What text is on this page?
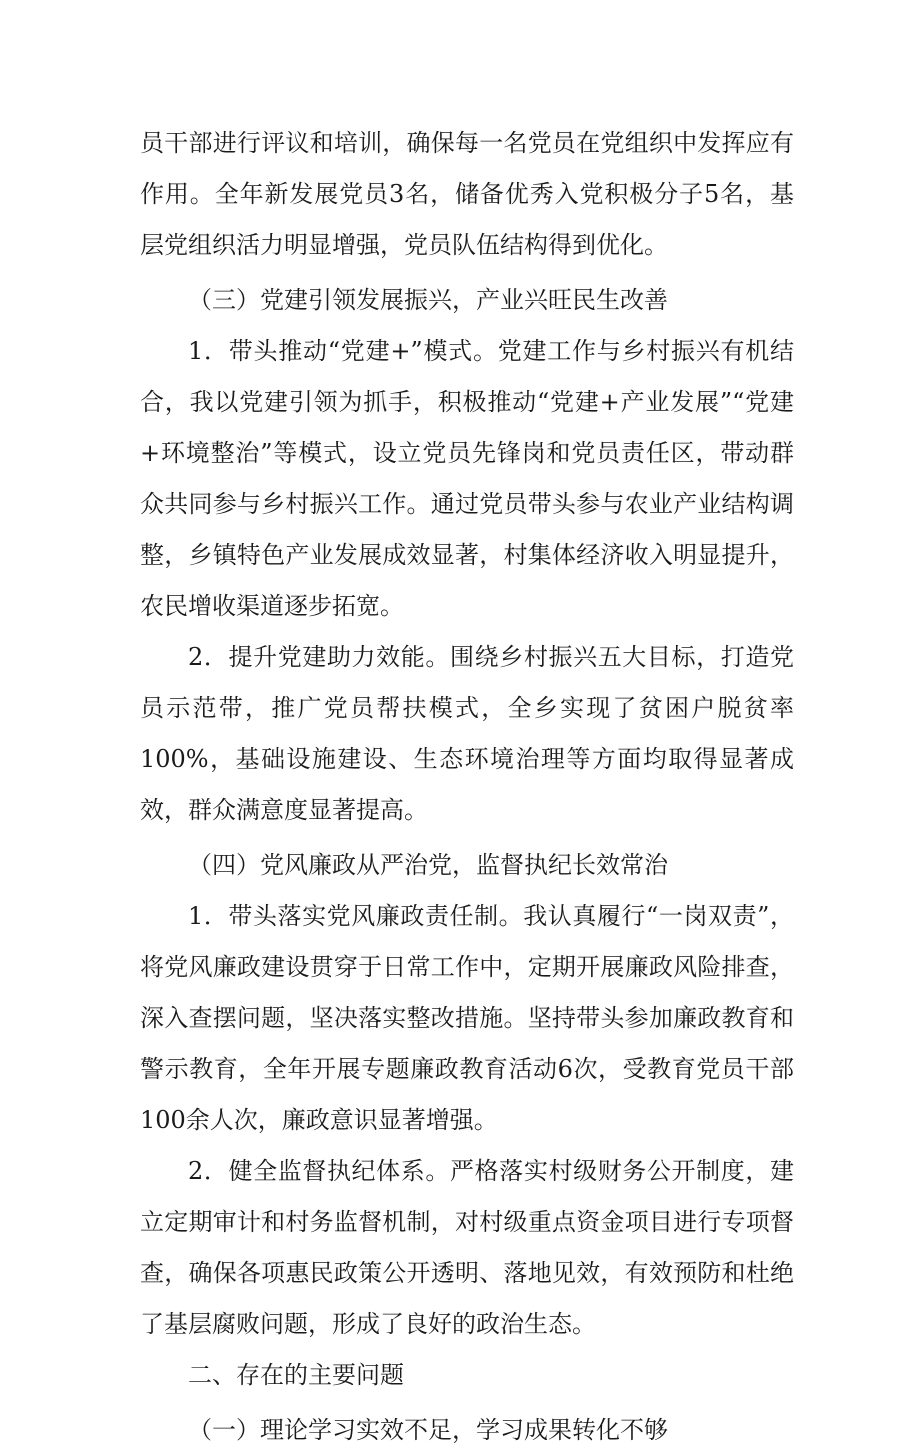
员干部进行评议和培训，确保每一名党员在党组织中发挥应有作用。全年新发展党员3名，储备优秀入党积极分子5名，基层党组织活力明显增强，党员队伍结构得到优化。

（三）党建引领发展振兴，产业兴旺民生改善

1．带头推动“党建+”模式。党建工作与乡村振兴有机结合，我以党建引领为抓手，积极推动“党建+产业发展”“党建+环境整治”等模式，设立党员先锋岗和党员责任区，带动群众共同参与乡村振兴工作。通过党员带头参与农业产业结构调整，乡镇特色产业发展成效显著，村集体经济收入明显提升，农民增收渠道逐步拓宽。

2．提升党建助力效能。围绕乡村振兴五大目标，打造党员示范带，推广党员帮扶模式，全乡实现了贫困户脱贫率100%，基础设施建设、生态环境治理等方面均取得显著成效，群众满意度显著提高。

（四）党风廉政从严治党，监督执纪长效常治

1．带头落实党风廉政责任制。我认真履行“一岗双责”，将党风廉政建设贯穿于日常工作中，定期开展廉政风险排查，深入查摆问题，坚决落实整改措施。坚持带头参加廉政教育和警示教育，全年开展专题廉政教育活动6次，受教育党员干部100余人次，廉政意识显著增强。

2．健全监督执纪体系。严格落实村级财务公开制度，建立定期审计和村务监督机制，对村级重点资金项目进行专项督查，确保各项惠民政策公开透明、落地见效，有效预防和杜绝了基层腐败问题，形成了良好的政治生态。

二、存在的主要问题

（一）理论学习实效不足，学习成果转化不够
